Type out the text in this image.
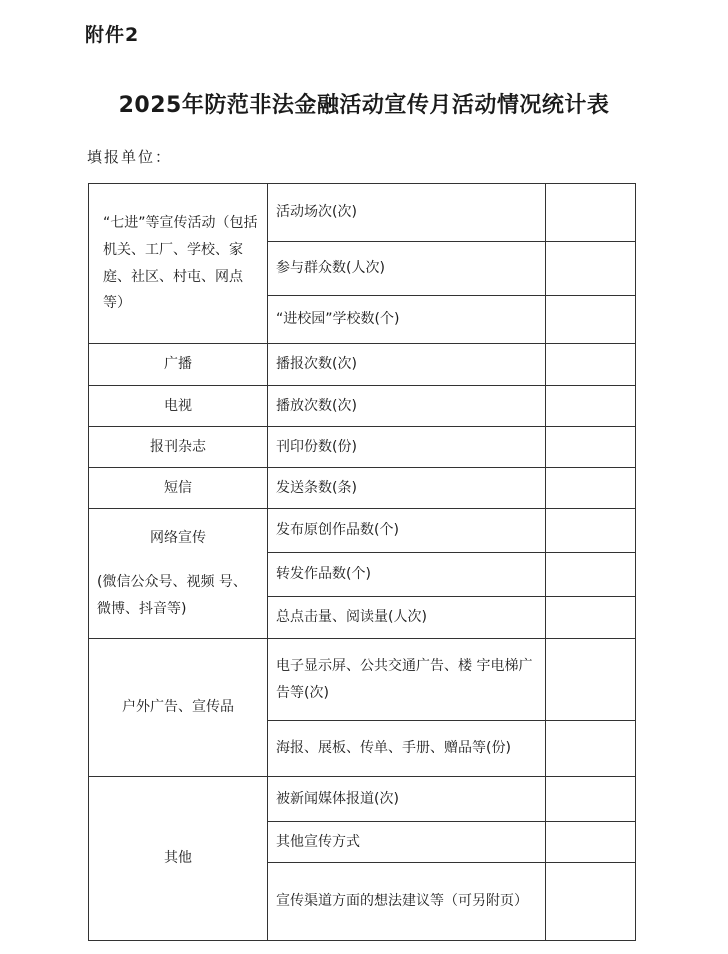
附件2
2025年防范非法金融活动宣传月活动情况统计表
填报单位：
“七进”等宣传活动（包括机关、工厂、学校、家庭、社区、村屯、网点等）	活动场次(次)	
	参与群众数(人次)	
	“进校园”学校数(个)	
广播	播报次数(次)	
电视	播放次数(次)	
报刊杂志	刊印份数(份)	
短信	发送条数(条)	
网络宣传
(微信公众号、视频 号、微博、抖音等)	发布原创作品数(个)	
	转发作品数(个)	
	总点击量、阅读量(人次)	
户外广告、宣传品	电子显示屏、公共交通广告、楼 宇电梯广告等(次)	
	海报、展板、传单、手册、赠品等(份)	
其他	被新闻媒体报道(次)	
	其他宣传方式	
	宣传渠道方面的想法建议等（可另附页）	
